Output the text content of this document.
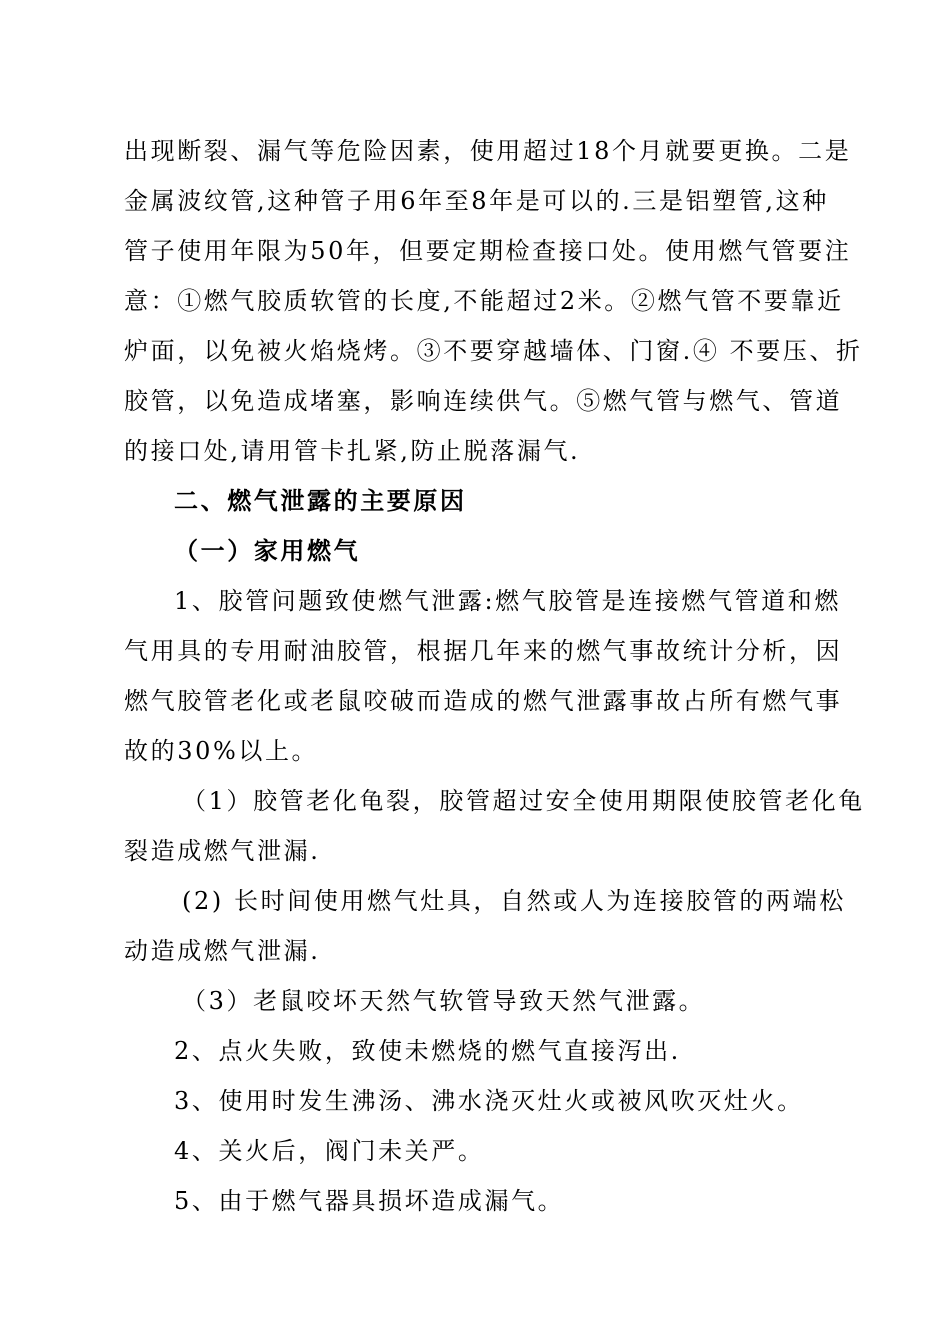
出现断裂、漏气等危险因素，使用超过18个月就要更换。二是
金属波纹管,这种管子用6年至8年是可以的.三是铝塑管,这种
管子使用年限为50年，但要定期检查接口处。使用燃气管要注
意：①燃气胶质软管的长度,不能超过2米。②燃气管不要靠近
炉面，以免被火焰烧烤。③不要穿越墙体、门窗.④ 不要压、折
胶管，以免造成堵塞，影响连续供气。⑤燃气管与燃气、管道
的接口处,请用管卡扎紧,防止脱落漏气.
二、燃气泄露的主要原因
（一）家用燃气
1、胶管问题致使燃气泄露:燃气胶管是连接燃气管道和燃
气用具的专用耐油胶管，根据几年来的燃气事故统计分析，因
燃气胶管老化或老鼠咬破而造成的燃气泄露事故占所有燃气事
故的30%以上。
（1）胶管老化龟裂，胶管超过安全使用期限使胶管老化龟
裂造成燃气泄漏.
(2) 长时间使用燃气灶具，自然或人为连接胶管的两端松
动造成燃气泄漏.
（3）老鼠咬坏天然气软管导致天然气泄露。
2、点火失败，致使未燃烧的燃气直接泻出.
3、使用时发生沸汤、沸水浇灭灶火或被风吹灭灶火。
4、关火后，阀门未关严。
5、由于燃气器具损坏造成漏气。
